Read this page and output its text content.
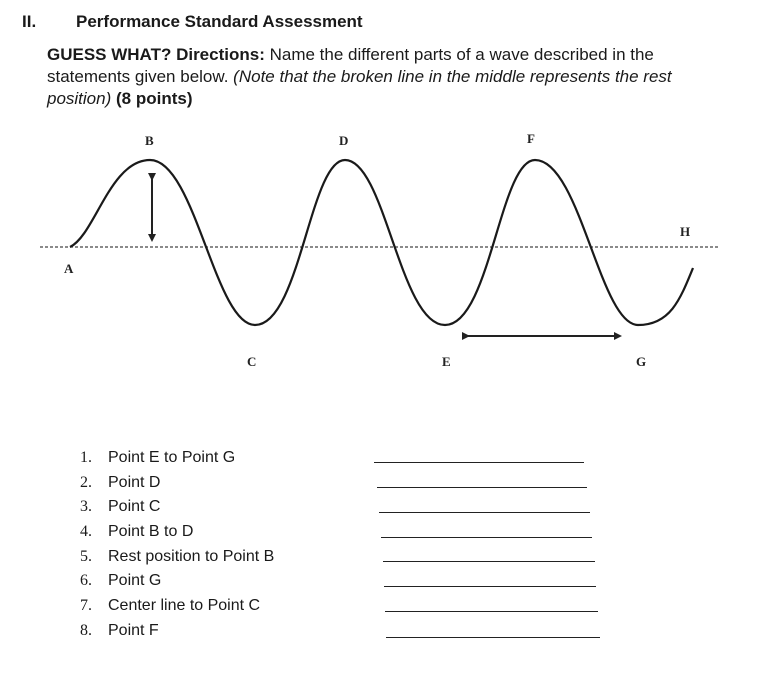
II. Performance Standard Assessment
GUESS WHAT? Directions: Name the different parts of a wave described in the statements given below. (Note that the broken line in the middle represents the rest position) (8 points)
A
B
C
D
E
F
G
H
1. Point E to Point G
2. Point D
3. Point C
4. Point B to D
5. Rest position to Point B
6. Point G
7. Center line to Point C
8. Point F
